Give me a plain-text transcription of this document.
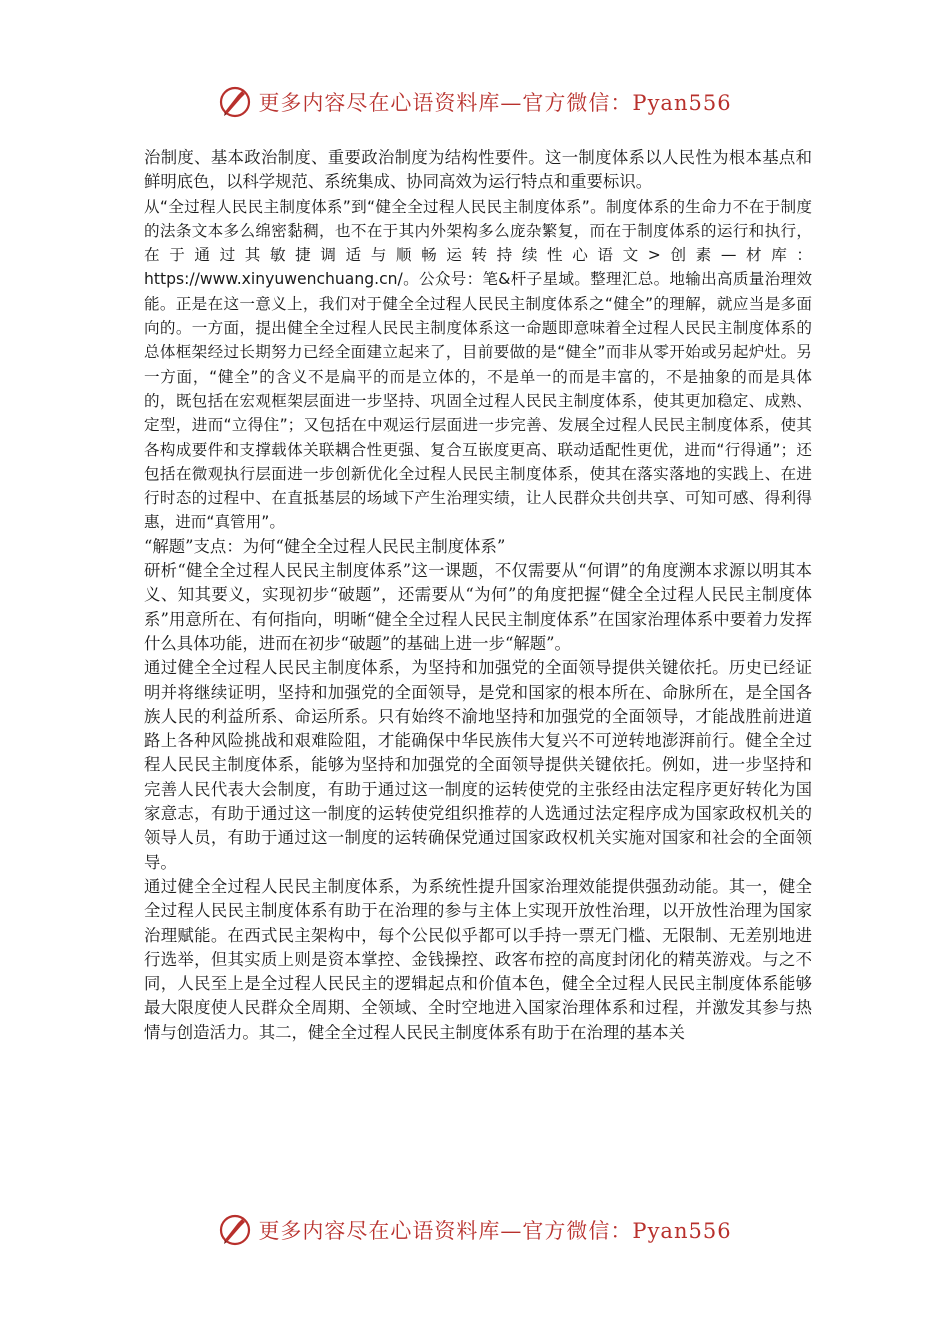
更多内容尽在心语资料库—官方微信：Pyan556

治制度、基本政治制度、重要政治制度为结构性要件。这一制度体系以人民性为根本基点和鲜明底色，以科学规范、系统集成、协同高效为运行特点和重要标识。

从“全过程人民民主制度体系”到“健全全过程人民民主制度体系”。制度体系的生命力不在于制度的法条文本多么绵密黏稠，也不在于其内外架构多么庞杂繁复，而在于制度体系的运行和执行，在于通过其敏捷调适与顺畅运转持续性心语文>创素—材库：https://www.xinyuwenchuang.cn/。公众号：笔&杆子星域。整理汇总。地输出高质量治理效能。正是在这一意义上，我们对于健全全过程人民民主制度体系之“健全”的理解，就应当是多面向的。一方面，提出健全全过程人民民主制度体系这一命题即意味着全过程人民民主制度体系的总体框架经过长期努力已经全面建立起来了，目前要做的是“健全”而非从零开始或另起炉灶。另一方面，“健全”的含义不是扁平的而是立体的，不是单一的而是丰富的，不是抽象的而是具体的，既包括在宏观框架层面进一步坚持、巩固全过程人民民主制度体系，使其更加稳定、成熟、定型，进而“立得住”；又包括在中观运行层面进一步完善、发展全过程人民民主制度体系，使其各构成要件和支撑载体关联耦合性更强、复合互嵌度更高、联动适配性更优，进而“行得通”；还包括在微观执行层面进一步创新优化全过程人民民主制度体系，使其在落实落地的实践上、在进行时态的过程中、在直抵基层的场域下产生治理实绩，让人民群众共创共享、可知可感、得利得惠，进而“真管用”。

“解题”支点：为何“健全全过程人民民主制度体系”

研析“健全全过程人民民主制度体系”这一课题，不仅需要从“何谓”的角度溯本求源以明其本义、知其要义，实现初步“破题”，还需要从“为何”的角度把握“健全全过程人民民主制度体系”用意所在、有何指向，明晰“健全全过程人民民主制度体系”在国家治理体系中要着力发挥什么具体功能，进而在初步“破题”的基础上进一步“解题”。

通过健全全过程人民民主制度体系，为坚持和加强党的全面领导提供关键依托。历史已经证明并将继续证明，坚持和加强党的全面领导，是党和国家的根本所在、命脉所在，是全国各族人民的利益所系、命运所系。只有始终不渝地坚持和加强党的全面领导，才能战胜前进道路上各种风险挑战和艰难险阻，才能确保中华民族伟大复兴不可逆转地澎湃前行。健全全过程人民民主制度体系，能够为坚持和加强党的全面领导提供关键依托。例如，进一步坚持和完善人民代表大会制度，有助于通过这一制度的运转使党的主张经由法定程序更好转化为国家意志，有助于通过这一制度的运转使党组织推荐的人选通过法定程序成为国家政权机关的领导人员，有助于通过这一制度的运转确保党通过国家政权机关实施对国家和社会的全面领导。

通过健全全过程人民民主制度体系，为系统性提升国家治理效能提供强劲动能。其一，健全全过程人民民主制度体系有助于在治理的参与主体上实现开放性治理，以开放性治理为国家治理赋能。在西式民主架构中，每个公民似乎都可以手持一票无门槛、无限制、无差别地进行选举，但其实质上则是资本掌控、金钱操控、政客布控的高度封闭化的精英游戏。与之不同，人民至上是全过程人民民主的逻辑起点和价值本色，健全全过程人民民主制度体系能够最大限度使人民群众全周期、全领域、全时空地进入国家治理体系和过程，并激发其参与热情与创造活力。其二，健全全过程人民民主制度体系有助于在治理的基本关

更多内容尽在心语资料库—官方微信：Pyan556
